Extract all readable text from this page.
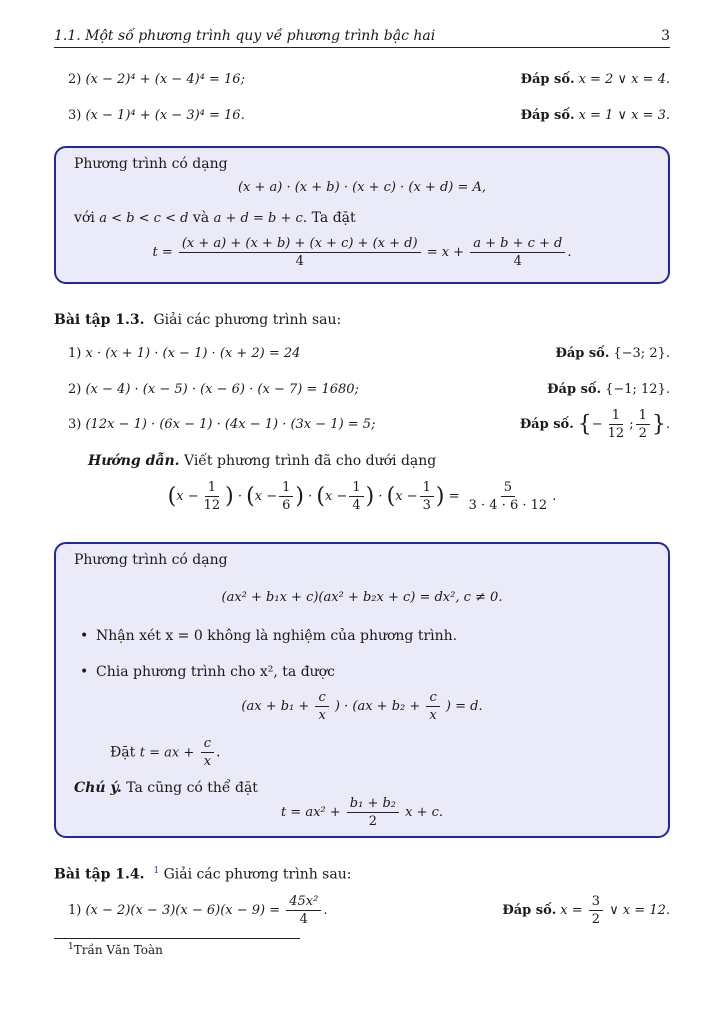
1.1. Một số phương trình quy về phương trình bậc hai	3
2) (x − 2)⁴ + (x − 4)⁴ = 16;	Đáp số. x = 2 ∨ x = 4.
3) (x − 1)⁴ + (x − 3)⁴ = 16.	Đáp số. x = 1 ∨ x = 3.
Phương trình có dạng
(x + a) · (x + b) · (x + c) · (x + d) = A,
với a < b < c < d và a + d = b + c. Ta đặt
$t = \frac{(x + a) + (x + b) + (x + c) + (x + d)}{4} = x + \frac{a + b + c + d}{4}$ .
Bài tập 1.3. Giải các phương trình sau:
1) x · (x + 1) · (x − 1) · (x + 2) = 24	Đáp số. {−3; 2}.
2) (x − 4) · (x − 5) · (x − 6) · (x − 7) = 1680;	Đáp số. {−1; 12}.
3) (12x − 1) · (6x − 1) · (4x − 1) · (3x − 1) = 5;	Đáp số. {− $\frac{1}{12}$ ; $\frac{1}{2}$ }.
Hướng dẫn. Viết phương trình đã cho dưới dạng
($x - \frac{1}{12}$ ) · ($x - \frac{1}{6}$ ) · ($x - \frac{1}{4}$ ) · ($x - \frac{1}{3}$ ) = $\frac{5}{3 \cdot 4 \cdot 6 \cdot 12}$ .
Phương trình có dạng
(ax² + b₁x + c)(ax² + b₂x + c) = dx², c ≠ 0.
• Nhận xét x = 0 không là nghiệm của phương trình.
• Chia phương trình cho x², ta được
($ax + b_1 + \frac{c}{x}$ ) · ($ax + b_2 + \frac{c}{x}$ ) = d.
Đặt t = ax + $\frac{c}{x}$ .
Chú ý. Ta cũng có thể đặt
$t = ax^2 + \frac{\text{b₁ + b₂}}{2}$ x + c.
Bài tập 1.4. $^1$ Giải các phương trình sau:
1) $(x - 2)(x - 3)(x - 6)(x - 9) = \frac{\text{45x²}}{4}$ .	Đáp số. $x = \frac{3}{2}$ ∨ x = 12.
$^1$Trần Văn Toàn
